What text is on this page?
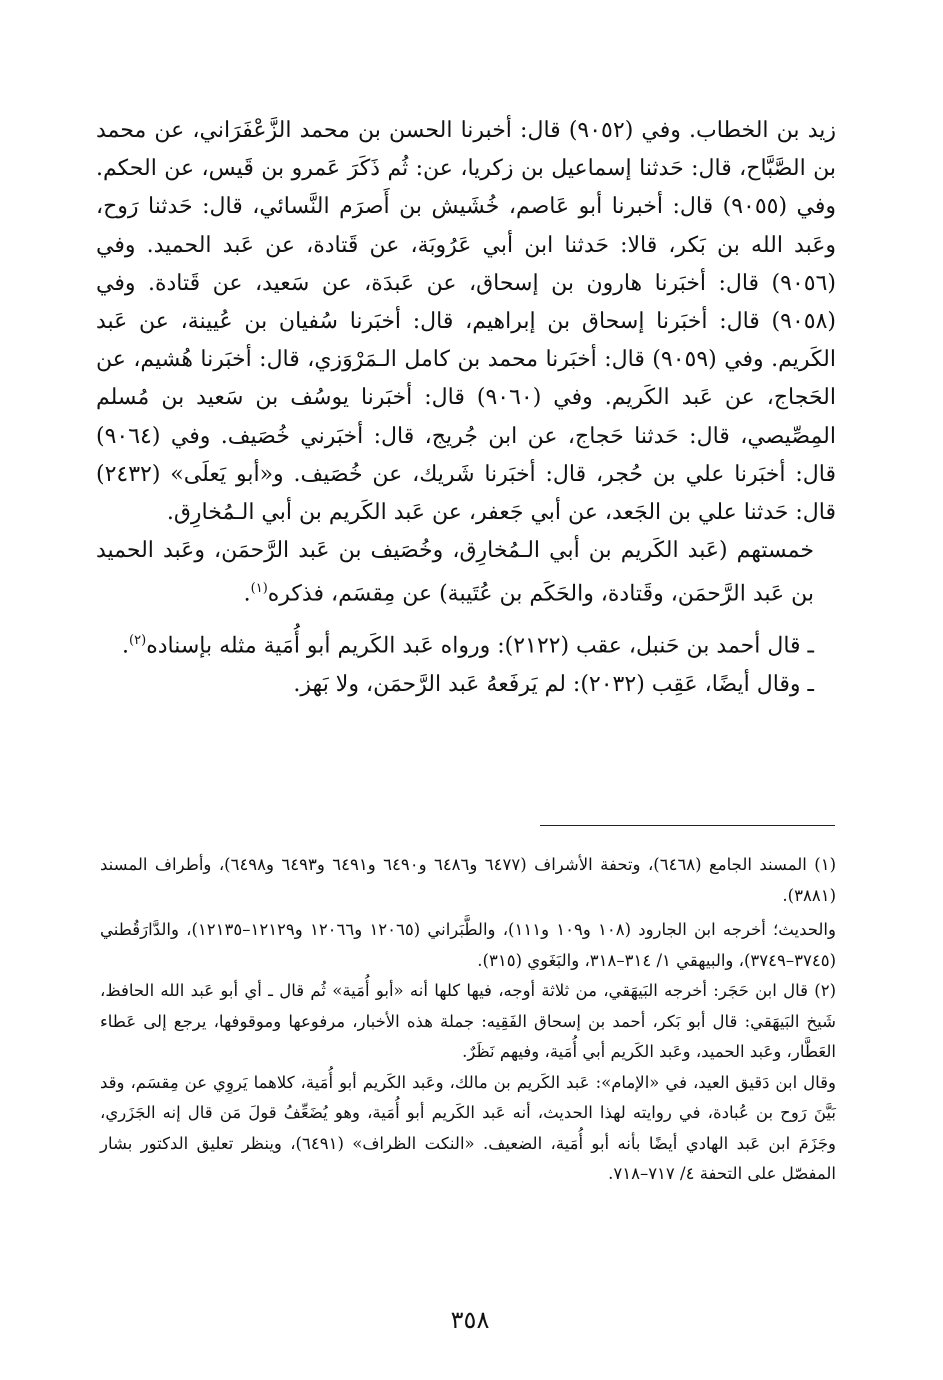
زيد بن الخطاب. وفي (٩٠٥٢) قال: أخبرنا الحسن بن محمد الزَّعْفَرَاني، عن محمد بن الصَّبَّاح، قال: حَدثنا إسماعيل بن زكريا، عن: ثُم ذَكَرَ عَمرو بن قَيس، عن الحكم. وفي (٩٠٥٥) قال: أخبرنا أبو عَاصم، خُشَيش بن أَصرَم النَّسائي، قال: حَدثنا رَوح، وعَبد الله بن بَكر، قالا: حَدثنا ابن أبي عَرُوبَة، عن قَتادة، عن عَبد الحميد. وفي (٩٠٥٦) قال: أخبَرنا هارون بن إسحاق، عن عَبدَة، عن سَعيد، عن قَتادة. وفي (٩٠٥٨) قال: أخبَرنا إسحاق بن إبراهيم، قال: أخبَرنا سُفيان بن عُيينة، عن عَبد الكَريم. وفي (٩٠٥٩) قال: أخبَرنا محمد بن كامل الـمَرْوَزي، قال: أخبَرنا هُشيم، عن الحَجاج، عن عَبد الكَريم. وفي (٩٠٦٠) قال: أخبَرنا يوسُف بن سَعيد بن مُسلم المِصِّيصي، قال: حَدثنا حَجاج، عن ابن جُريج، قال: أخبَرني خُصَيف. وفي (٩٠٦٤) قال: أخبَرنا علي بن حُجر، قال: أخبَرنا شَريك، عن خُصَيف. و«أبو يَعلَى» (٢٤٣٢) قال: حَدثنا علي بن الجَعد، عن أبي جَعفر، عن عَبد الكَريم بن أبي الـمُخارِق.

خمستهم (عَبد الكَريم بن أبي الـمُخارِق، وخُصَيف بن عَبد الرَّحمَن، وعَبد الحميد بن عَبد الرَّحمَن، وقَتادة، والحَكَم بن عُتَيبة) عن مِقسَم، فذكره$^{(١)}$.

ـ قال أحمد بن حَنبل، عقب (٢١٢٢): ورواه عَبد الكَريم أبو أُمَية مثله بإسناده$^{(٢)}$.

ـ وقال أيضًا، عَقِب (٢٠٣٢): لم يَرفَعهُ عَبد الرَّحمَن، ولا بَهز.

(١) المسند الجامع (٦٤٦٨)، وتحفة الأشراف (٦٤٧٧ و٦٤٨٦ و٦٤٩٠ و٦٤٩١ و٦٤٩٣ و٦٤٩٨)، وأطراف المسند (٣٨٨١).

والحديث؛ أخرجه ابن الجارود (١٠٨ و١٠٩ و١١١)، والطَّبَراني (١٢٠٦٥ و١٢٠٦٦ و١٢١٢٩–١٢١٣٥)، والدَّارَقُطني (٣٧٤٥–٣٧٤٩)، والبيهقي ١/ ٣١٤–٣١٨، والبَغَوي (٣١٥).

(٢) قال ابن حَجَر: أخرجه البَيهَقي، من ثلاثة أوجه، فيها كلها أنه «أبو أُمَية» ثُم قال ـ أي أبو عَبد الله الحافظ، شَيخ البَيهَقي: قال أبو بَكر، أحمد بن إسحاق الفَقِيه: جملة هذه الأخبار، مرفوعها وموقوفها، يرجع إلى عَطاء العَطَّار، وعَبد الحميد، وعَبد الكَريم أبي أُمَية، وفيهم نَظَرٌ.

وقال ابن دَقيق العيد، في «الإمام»: عَبد الكَريم بن مالك، وعَبد الكَريم أبو أُمَية، كلاهما يَروِي عن مِقسَم، وقد بَيَّنَ رَوح بن عُبادة، في روايته لهذا الحديث، أنه عَبد الكَريم أبو أُمَية، وهو يُضَعِّفُ قولَ مَن قال إنه الجَزَري، وجَزَمَ ابن عَبد الهادي أيضًا بأنه أبو أُمَية، الضعيف. «النكت الظراف» (٦٤٩١)، وينظر تعليق الدكتور بشار المفصّل على التحفة ٤/ ٧١٧–٧١٨.

٣٥٨
